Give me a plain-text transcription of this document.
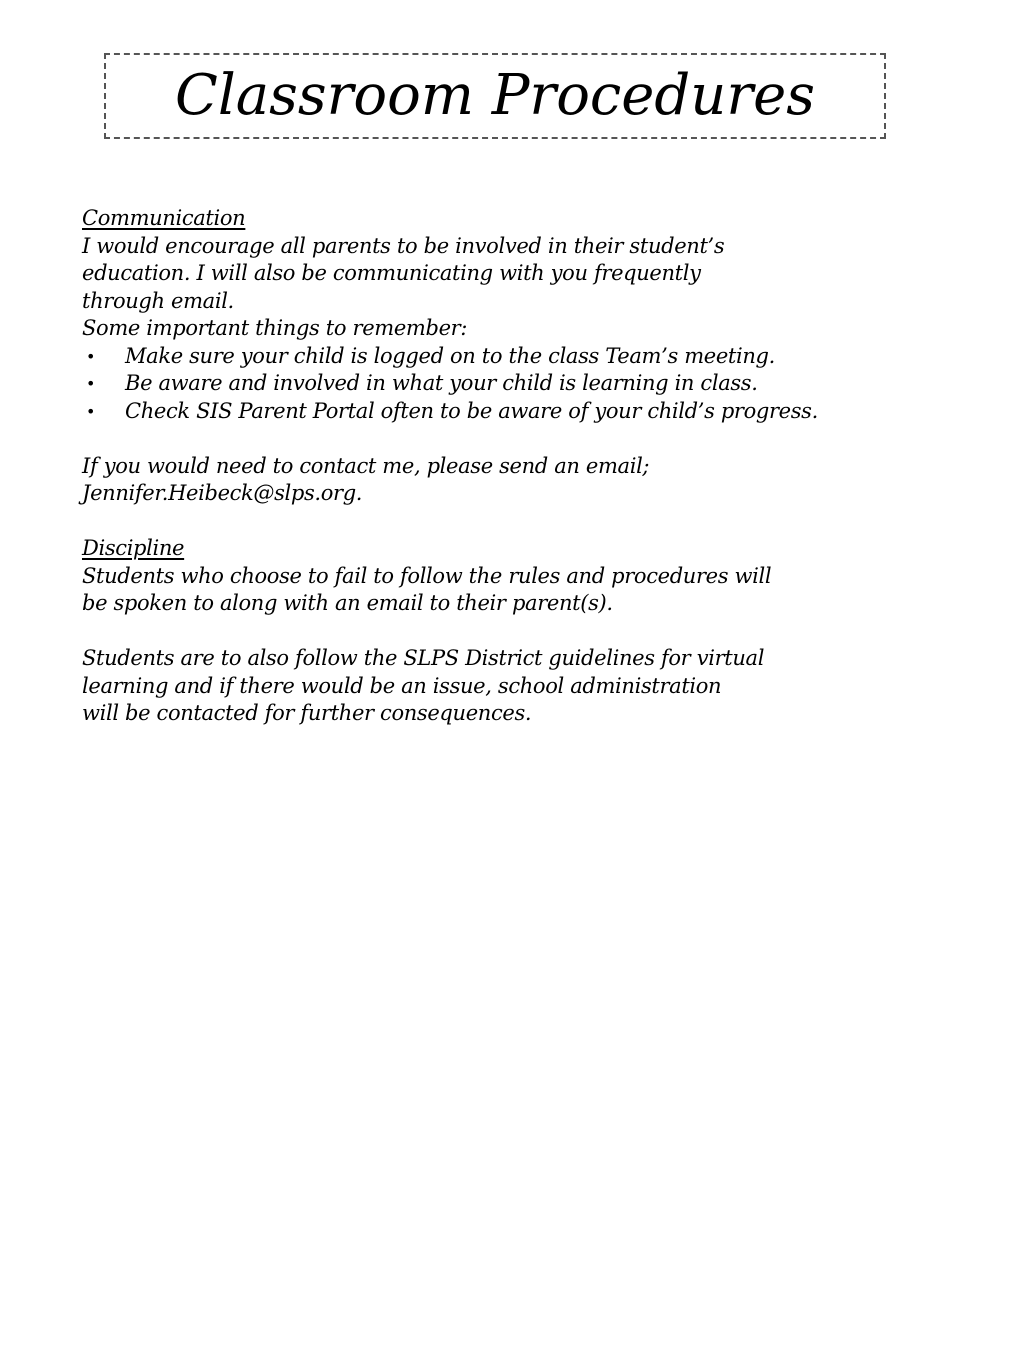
Classroom Procedures
Communication
I would encourage all parents to be involved in their student’s
education. I will also be communicating with you frequently
through email.
Some important things to remember:
• Make sure your child is logged on to the class Team’s meeting.
• Be aware and involved in what your child is learning in class.
• Check SIS Parent Portal often to be aware of your child’s progress.
If you would need to contact me, please send an email;
Jennifer.Heibeck@slps.org.
Discipline
Students who choose to fail to follow the rules and procedures will
be spoken to along with an email to their parent(s).
Students are to also follow the SLPS District guidelines for virtual
learning and if there would be an issue, school administration
will be contacted for further consequences.
